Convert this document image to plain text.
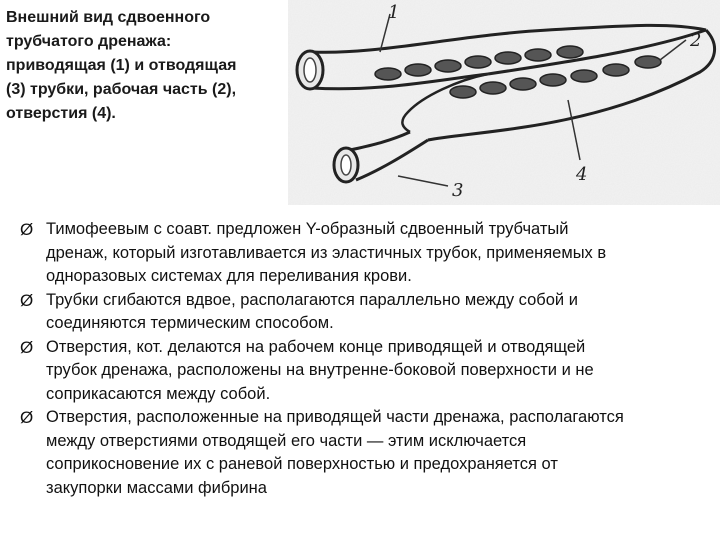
Внешний вид сдвоенного
трубчатого дренажа:
приводящая (1) и отводящая
(3) трубки, рабочая часть (2),
отверстия (4).
1
2
3
4
Ø Тимофеевым с соавт. предложен Y-образный сдвоенный трубчатый
дренаж, который изготавливается из эластичных трубок, применяемых в
одноразовых системах для переливания крови.
Ø Трубки сгибаются вдвое, располагаются параллельно между собой и
соединяются термическим способом.
Ø Отверстия, кот. делаются на рабочем конце приводящей и отводящей
трубок дренажа, расположены на внутренне-боковой поверхности и не
соприкасаются между собой.
Ø Отверстия, расположенные на приводящей части дренажа, располагаются
между отверстиями отводящей его части — этим исключается
соприкосновение их с раневой поверхностью и предохраняется от
закупорки массами фибрина
